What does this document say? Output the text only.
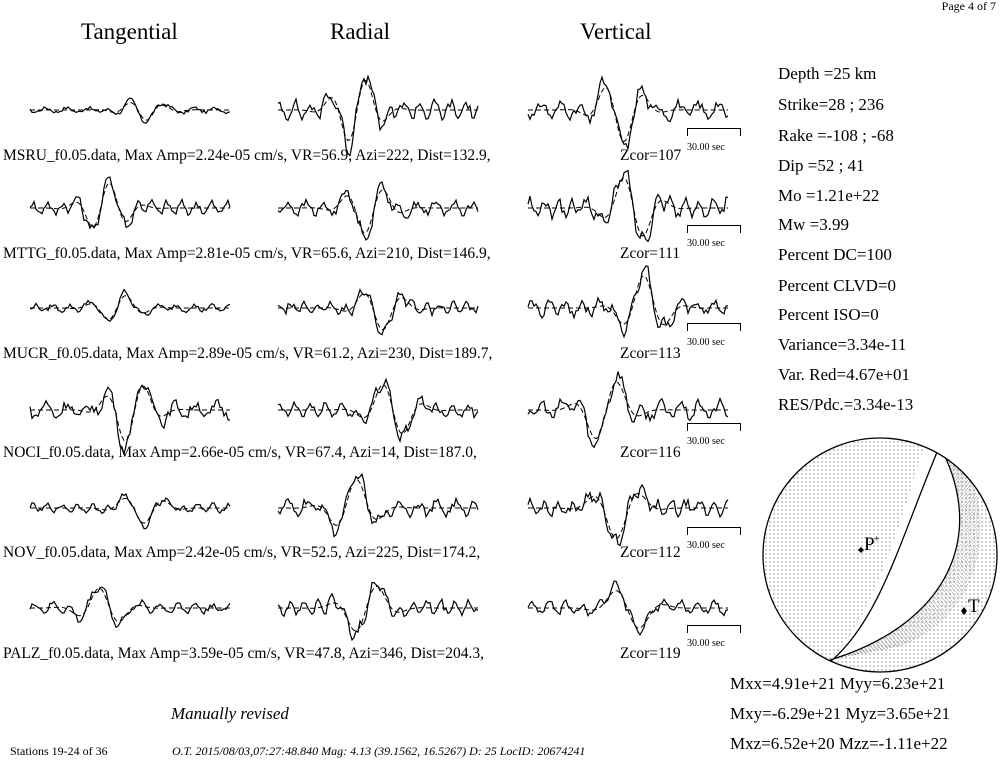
Page 4 of 7
Tangential	Radial	Vertical
MSRU_f0.05.data, Max Amp=2.24e-05 cm/s, VR=56.9, Azi=222, Dist=132.9,	Zcor=107 30.00 sec
MTTG_f0.05.data, Max Amp=2.81e-05 cm/s, VR=65.6, Azi=210, Dist=146.9,	Zcor=111
30.00 sec
MUCR_f0.05.data, Max Amp=2.89e-05 cm/s, VR=61.2, Azi=230, Dist=189.7,	Zcor=113
30.00 sec
NOCI_f0.05.data, Max Amp=2.66e-05 cm/s, VR=67.4, Azi=14, Dist=187.0,	Zcor=116
30.00 sec
NOV_f0.05.data, Max Amp=2.42e-05 cm/s, VR=52.5, Azi=225, Dist=174.2,	Zcor=112 30.00 sec
PALZ_f0.05.data, Max Amp=3.59e-05 cm/s, VR=47.8, Azi=346, Dist=204.3,	Zcor=119
30.00 sec
Depth =25 km
Strike=28 ; 236
Rake =-108 ; -68
Dip =52 ; 41
Mo =1.21e+22
Mw =3.99
Percent DC=100
Percent CLVD=0
Percent ISO=0
Variance=3.34e-11
Var. Red=4.67e+01
RES/Pdc.=3.34e-13
P +
T
Mxx=4.91e+21 Myy=6.23e+21
Mxy=-6.29e+21 Myz=3.65e+21
Mxz=6.52e+20 Mzz=-1.11e+22
Manually revised
Stations 19-24 of 36	O.T. 2015/08/03,07:27:48.840 Mag: 4.13 (39.1562, 16.5267) D: 25 LocID: 20674241
